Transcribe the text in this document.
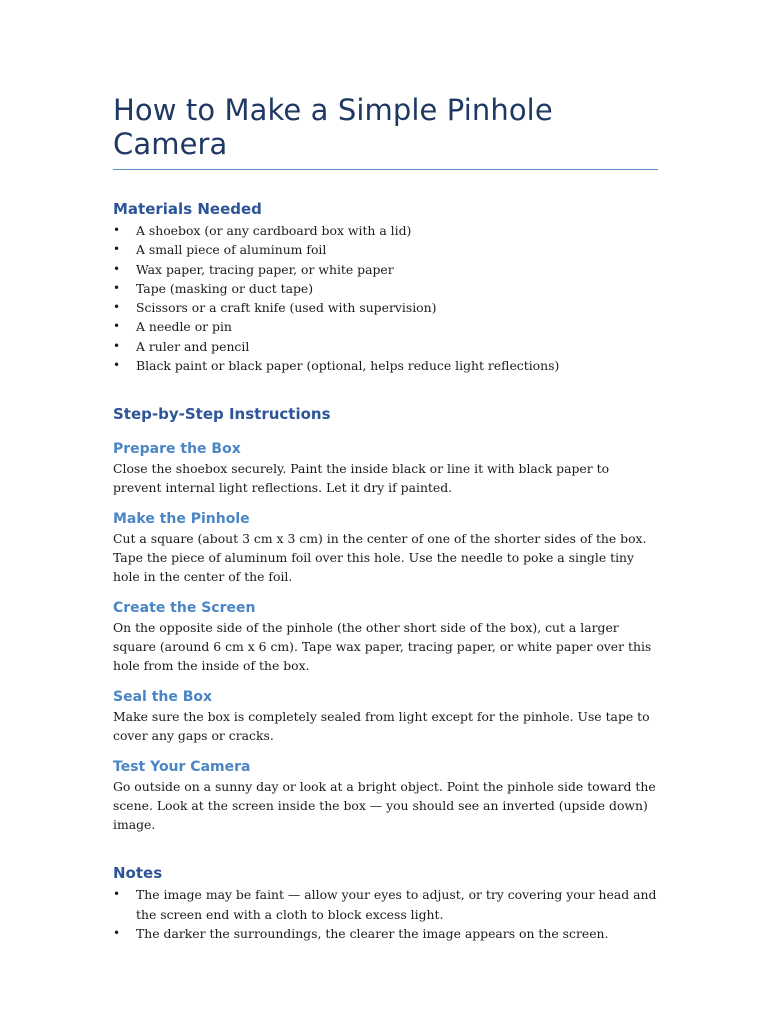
How to Make a Simple Pinhole Camera
Materials Needed
• A shoebox (or any cardboard box with a lid)
• A small piece of aluminum foil
• Wax paper, tracing paper, or white paper
• Tape (masking or duct tape)
• Scissors or a craft knife (used with supervision)
• A needle or pin
• A ruler and pencil
• Black paint or black paper (optional, helps reduce light reflections)
Step-by-Step Instructions
Prepare the Box

Close the shoebox securely. Paint the inside black or line it with black paper to prevent internal light reflections. Let it dry if painted.

Make the Pinhole

Cut a square (about 3 cm x 3 cm) in the center of one of the shorter sides of the box. Tape the piece of aluminum foil over this hole. Use the needle to poke a single tiny hole in the center of the foil.

Create the Screen

On the opposite side of the pinhole (the other short side of the box), cut a larger square (around 6 cm x 6 cm). Tape wax paper, tracing paper, or white paper over this hole from the inside of the box.

Seal the Box

Make sure the box is completely sealed from light except for the pinhole. Use tape to cover any gaps or cracks.

Test Your Camera

Go outside on a sunny day or look at a bright object. Point the pinhole side toward the scene. Look at the screen inside the box — you should see an inverted (upside down) image.

Notes
• The image may be faint — allow your eyes to adjust, or try covering your head and the screen end with a cloth to block excess light.
• The darker the surroundings, the clearer the image appears on the screen.
